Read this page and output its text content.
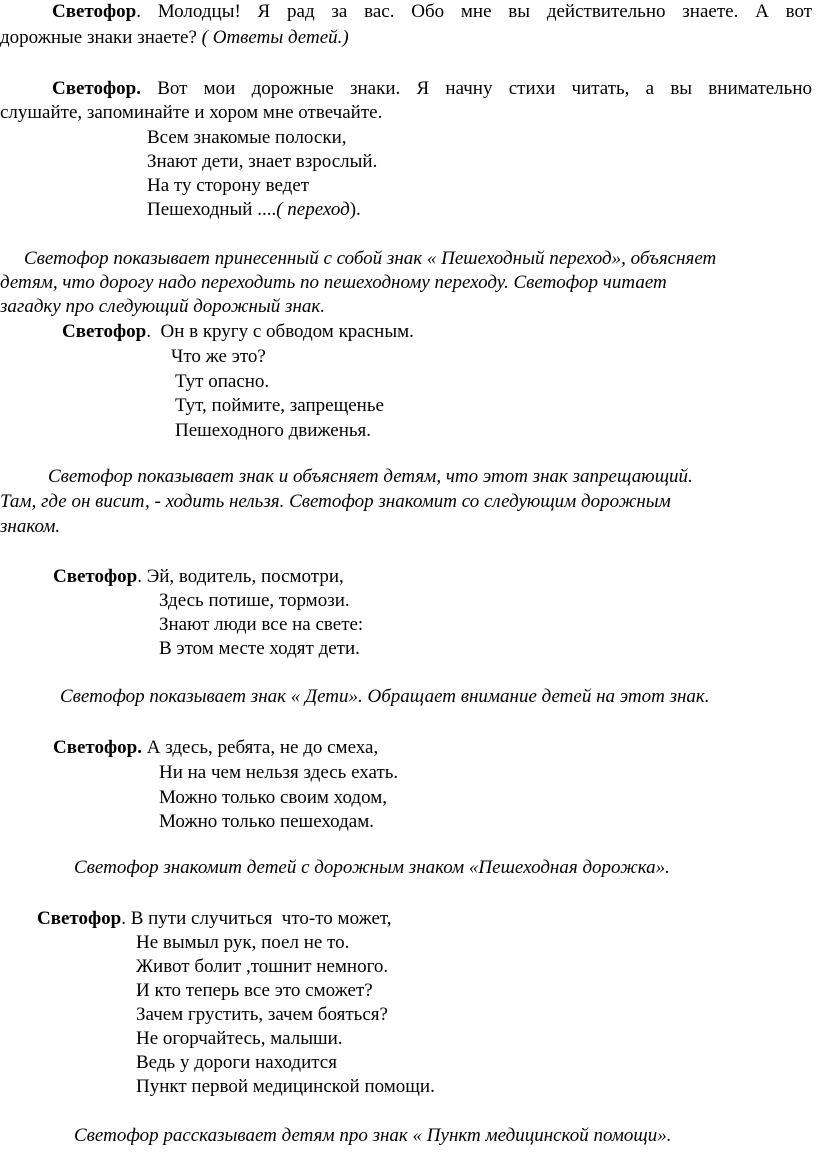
Светофор. Молодцы! Я рад за вас. Обо мне вы действительно знаете. А вот
дорожные знаки знаете? ( Ответы детей.)
Светофор. Вот мои дорожные знаки. Я начну стихи читать, а вы внимательно
слушайте, запоминайте и хором мне отвечайте.
Всем знакомые полоски,
Знают дети, знает взрослый.
На ту сторону ведет
Пешеходный ....( переход).
Светофор показывает принесенный с собой знак « Пешеходный переход», объясняет
детям, что дорогу надо переходить по пешеходному переходу. Светофор читает
загадку про следующий дорожный знак.
Светофор.  Он в кругу с обводом красным.
Что же это?
Тут опасно.
Тут, поймите, запрещенье
Пешеходного движенья.
Светофор показывает знак и объясняет детям, что этот знак запрещающий.
Там, где он висит, - ходить нельзя. Светофор знакомит со следующим дорожным
знаком.
Светофор. Эй, водитель, посмотри,
Здесь потише, тормози.
Знают люди все на свете:
В этом месте ходят дети.
Светофор показывает знак « Дети». Обращает внимание детей на этот знак.
Светофор. А здесь, ребята, не до смеха,
Ни на чем нельзя здесь ехать.
Можно только своим ходом,
Можно только пешеходам.
Светофор знакомит детей с дорожным знаком «Пешеходная дорожка».
Светофор. В пути случиться  что-то может,
Не вымыл рук, поел не то.
Живот болит ,тошнит немного.
И кто теперь все это сможет?
Зачем грустить, зачем бояться?
Не огорчайтесь, малыши.
Ведь у дороги находится
Пункт первой медицинской помощи.
Светофор рассказывает детям про знак « Пункт медицинской помощи».
